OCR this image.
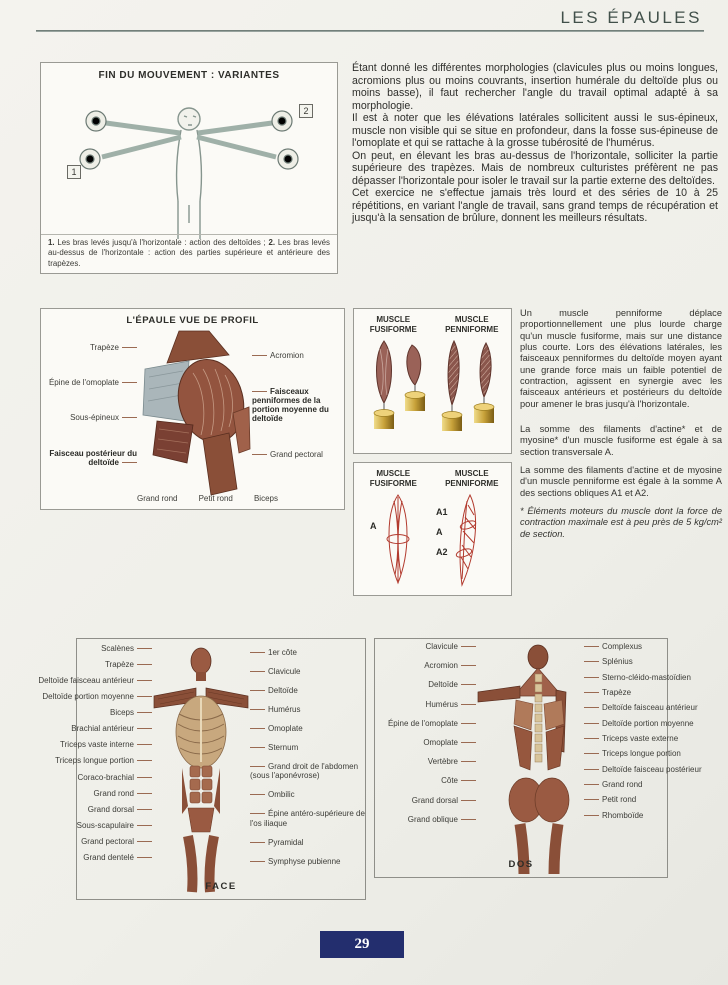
LES ÉPAULES
FIN DU MOUVEMENT : VARIANTES
1
2
1. Les bras levés jusqu'à l'horizontale : action des deltoïdes ; 2. Les bras levés au-dessus de l'horizontale : action des parties supérieure et antérieure des trapèzes.

Étant donné les différentes morphologies (clavicules plus ou moins longues, acromions plus ou moins couvrants, insertion humérale du deltoïde plus ou moins basse), il faut rechercher l'angle du travail optimal adapté à sa morphologie.

Il est à noter que les élévations latérales sollicitent aussi le sus-épineux, muscle non visible qui se situe en profondeur, dans la fosse sus-épineuse de l'omoplate et qui se rattache à la grosse tubérosité de l'humérus.

On peut, en élevant les bras au-dessus de l'horizontale, solliciter la partie supérieure des trapèzes. Mais de nombreux culturistes préfèrent ne pas dépasser l'horizontale pour isoler le travail sur la partie externe des deltoïdes.

Cet exercice ne s'effectue jamais très lourd et des séries de 10 à 25 répétitions, en variant l'angle de travail, sans grand temps de récupération et jusqu'à la sensation de brûlure, donnent les meilleurs résultats.

L'ÉPAULE VUE DE PROFIL
Trapèze
Épine de l'omoplate
Sous-épineux
Faisceau postérieur du deltoïde
Acromion
Faisceaux penniformes de la portion moyenne du deltoïde
Grand pectoral
Grand rond	Petit rond	Biceps
MUSCLE FUSIFORME
MUSCLE PENNIFORME
MUSCLE FUSIFORME
MUSCLE PENNIFORME
A
A1
A
A2

Un muscle penniforme déplace proportionnellement une plus lourde charge qu'un muscle fusiforme, mais sur une distance plus courte. Lors des élévations latérales, les faisceaux penniformes du deltoïde moyen ayant une grande force mais un faible potentiel de contraction, agissent en synergie avec les faisceaux antérieurs et postérieurs du deltoïde pour amener le bras jusqu'à l'horizontale.

La somme des filaments d'actine* et de myosine* d'un muscle fusiforme est égale à sa section transversale A.

La somme des filaments d'actine et de myosine d'un muscle penniforme est égale à la somme A des sections obliques A1 et A2.

* Éléments moteurs du muscle dont la force de contraction maximale est à peu près de 5 kg/cm² de section.

Scalènes
Trapèze
Deltoïde faisceau antérieur
Deltoïde portion moyenne
Biceps
Brachial antérieur
Triceps vaste interne
Triceps longue portion
Coraco-brachial
Grand rond
Grand dorsal
Sous-scapulaire
Grand pectoral
Grand dentelé
1er côte
Clavicule
Deltoïde
Humérus
Omoplate
Sternum
Grand droit de l'abdomen (sous l'aponévrose)
Ombilic
Épine antéro-supérieure de l'os iliaque
Pyramidal
Symphyse pubienne
FACE
Clavicule
Acromion
Deltoïde
Humérus
Épine de l'omoplate
Omoplate
Vertèbre
Côte
Grand dorsal
Grand oblique
Complexus
Splénius
Sterno-cléido-mastoïdien
Trapèze
Deltoïde faisceau antérieur
Deltoïde portion moyenne
Triceps vaste externe
Triceps longue portion
Deltoïde faisceau postérieur
Grand rond
Petit rond
Rhomboïde
DOS
29
